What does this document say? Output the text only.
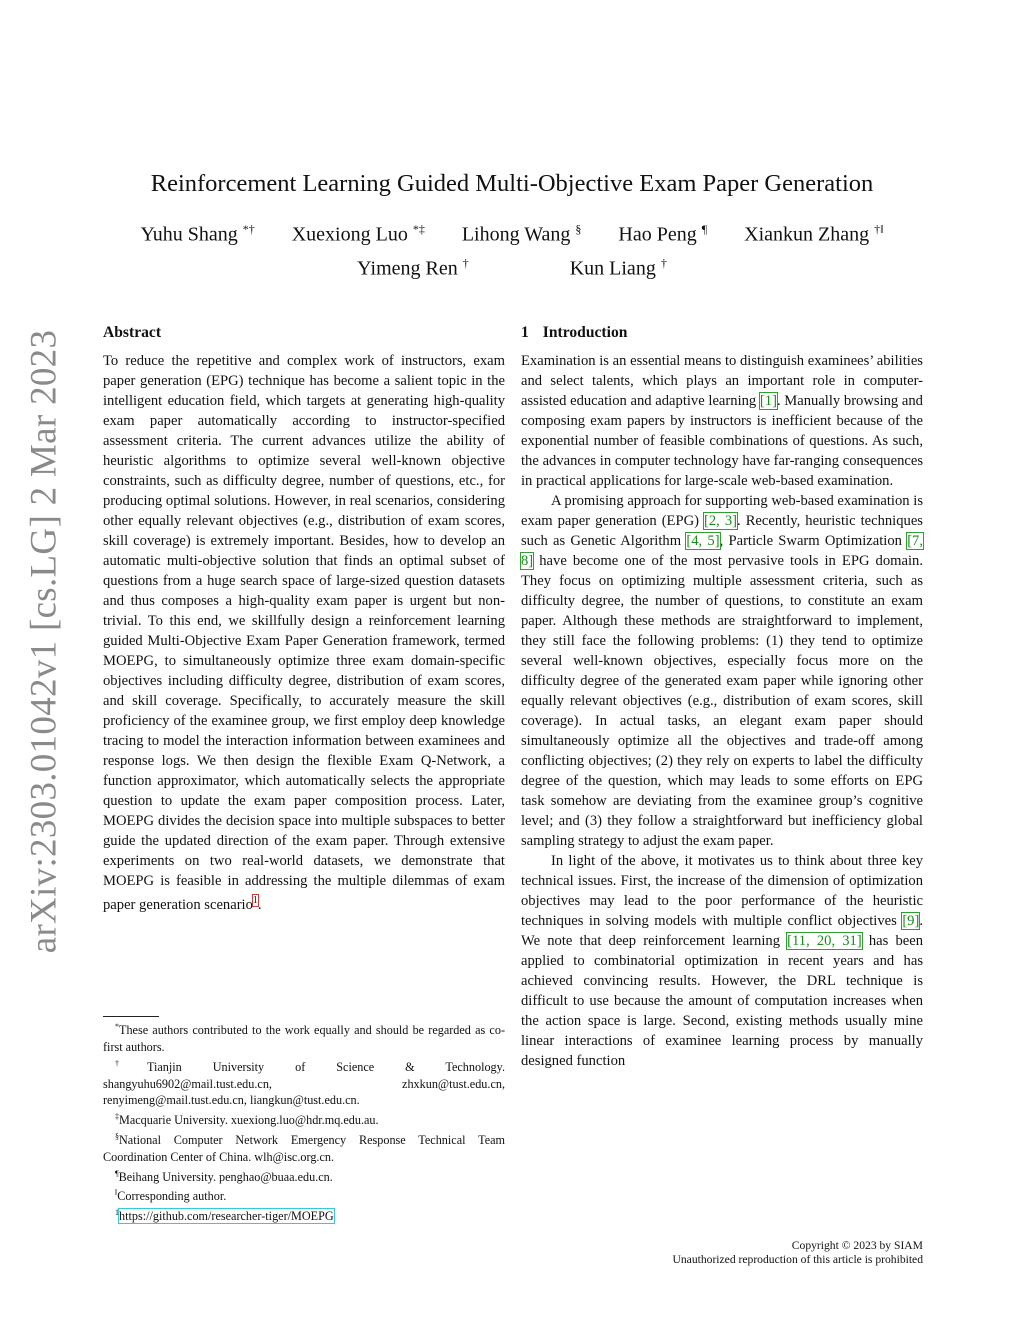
arXiv:2303.01042v1 [cs.LG] 2 Mar 2023
Reinforcement Learning Guided Multi-Objective Exam Paper Generation
Yuhu Shang *† Xuexiong Luo *‡ Lihong Wang § Hao Peng ¶ Xiankun Zhang †‖
Yimeng Ren †	Kun Liang †
Abstract

To reduce the repetitive and complex work of instructors, exam paper generation (EPG) technique has become a salient topic in the intelligent education field, which targets at generating high-quality exam paper automatically according to instructor-specified assessment criteria. The current advances utilize the ability of heuristic algorithms to optimize several well-known objective constraints, such as difficulty degree, number of questions, etc., for producing optimal solutions. However, in real scenarios, considering other equally relevant objectives (e.g., distribution of exam scores, skill coverage) is extremely important. Besides, how to develop an automatic multi-objective solution that finds an optimal subset of questions from a huge search space of large-sized question datasets and thus composes a high-quality exam paper is urgent but non-trivial. To this end, we skillfully design a reinforcement learning guided Multi-Objective Exam Paper Generation framework, termed MOEPG, to simultaneously optimize three exam domain-specific objectives including difficulty degree, distribution of exam scores, and skill coverage. Specifically, to accurately measure the skill proficiency of the examinee group, we first employ deep knowledge tracing to model the interaction information between examinees and response logs. We then design the flexible Exam Q-Network, a function approximator, which automatically selects the appropriate question to update the exam paper composition process. Later, MOEPG divides the decision space into multiple subspaces to better guide the updated direction of the exam paper. Through extensive experiments on two real-world datasets, we demonstrate that MOEPG is feasible in addressing the multiple dilemmas of exam paper generation scenario$^1$.

1 Introduction

Examination is an essential means to distinguish examinees’ abilities and select talents, which plays an important role in computer-assisted education and adaptive learning [1]. Manually browsing and composing exam papers by instructors is inefficient because of the exponential number of feasible combinations of questions. As such, the advances in computer technology have far-ranging consequences in practical applications for large-scale web-based examination.

A promising approach for supporting web-based examination is exam paper generation (EPG) [2, 3]. Recently, heuristic techniques such as Genetic Algorithm [4, 5], Particle Swarm Optimization [7, 8] have become one of the most pervasive tools in EPG domain. They focus on optimizing multiple assessment criteria, such as difficulty degree, the number of questions, to constitute an exam paper. Although these methods are straightforward to implement, they still face the following problems: (1) they tend to optimize several well-known objectives, especially focus more on the difficulty degree of the generated exam paper while ignoring other equally relevant objectives (e.g., distribution of exam scores, skill coverage). In actual tasks, an elegant exam paper should simultaneously optimize all the objectives and trade-off among conflicting objectives; (2) they rely on experts to label the difficulty degree of the question, which may leads to some efforts on EPG task somehow are deviating from the examinee group’s cognitive level; and (3) they follow a straightforward but inefficiency global sampling strategy to adjust the exam paper.

In light of the above, it motivates us to think about three key technical issues. First, the increase of the dimension of optimization objectives may lead to the poor performance of the heuristic techniques in solving models with multiple conflict objectives [9]. We note that deep reinforcement learning [11, 20, 31] has been applied to combinatorial optimization in recent years and has achieved convincing results. However, the DRL technique is difficult to use because the amount of computation increases when the action space is large. Second, existing methods usually mine linear interactions of examinee learning process by manually designed function

*These authors contributed to the work equally and should be regarded as co-first authors.
†Tianjin University of Science & Technology. shangyuhu6902@mail.tust.edu.cn, zhxkun@tust.edu.cn, renyimeng@mail.tust.edu.cn, liangkun@tust.edu.cn.
‡Macquarie University. xuexiong.luo@hdr.mq.edu.au.
§National Computer Network Emergency Response Technical Team Coordination Center of China. wlh@isc.org.cn.
¶Beihang University. penghao@buaa.edu.cn.
‖Corresponding author.
$^1$https://github.com/researcher-tiger/MOEPG
Copyright © 2023 by SIAM
Unauthorized reproduction of this article is prohibited
